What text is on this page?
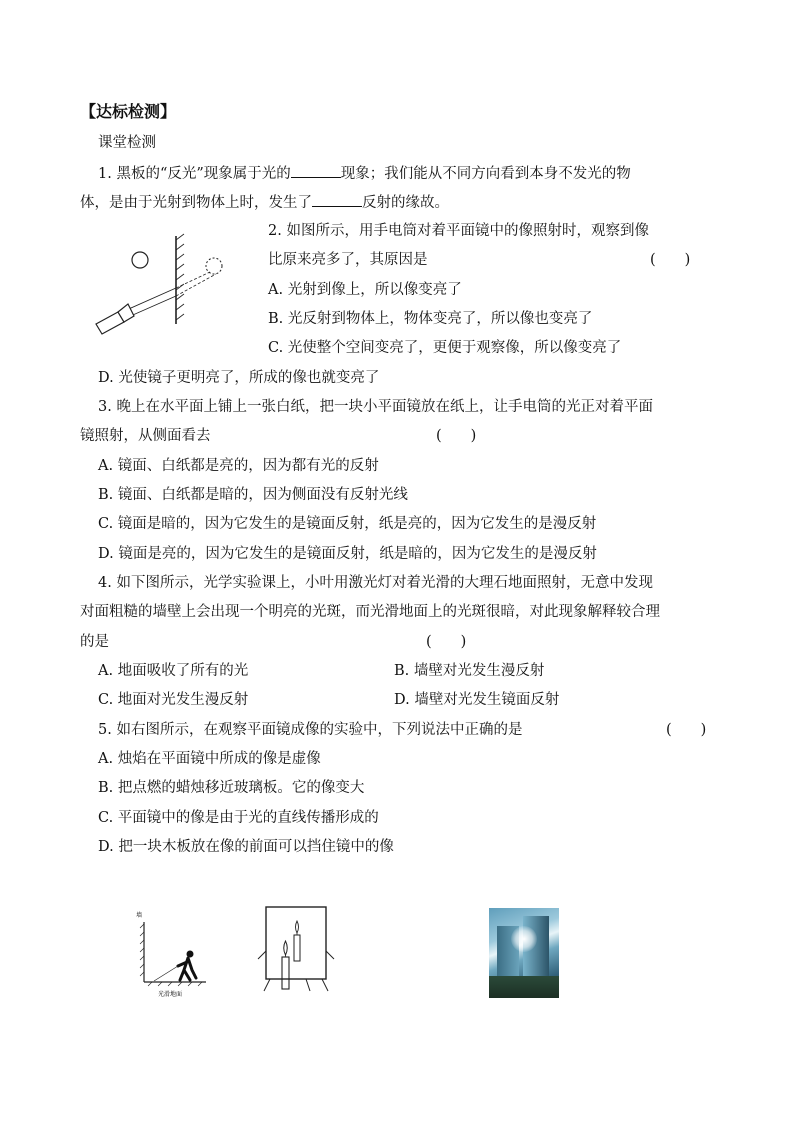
【达标检测】
课堂检测
1. 黑板的“反光”现象属于光的	现象；我们能从不同方向看到本身不发光的物
体，是由于光射到物体上时，发生了	反射的缘故。
2. 如图所示，用手电筒对着平面镜中的像照射时，观察到像
比原来亮多了，其原因是	(　　)
A. 光射到像上，所以像变亮了
B. 光反射到物体上，物体变亮了，所以像也变亮了
C. 光使整个空间变亮了，更便于观察像，所以像变亮了
D. 光使镜子更明亮了，所成的像也就变亮了
3. 晚上在水平面上铺上一张白纸，把一块小平面镜放在纸上，让手电筒的光正对着平面
镜照射，从侧面看去	(　　)
A. 镜面、白纸都是亮的，因为都有光的反射
B. 镜面、白纸都是暗的，因为侧面没有反射光线
C. 镜面是暗的，因为它发生的是镜面反射，纸是亮的，因为它发生的是漫反射
D. 镜面是亮的，因为它发生的是镜面反射，纸是暗的，因为它发生的是漫反射
4. 如下图所示，光学实验课上，小叶用激光灯对着光滑的大理石地面照射，无意中发现
对面粗糙的墙壁上会出现一个明亮的光斑，而光滑地面上的光斑很暗，对此现象解释较合理
的是	(　　)
A. 地面吸收了所有的光	B. 墙壁对光发生漫反射
C. 地面对光发生漫反射	D. 墙壁对光发生镜面反射
5. 如右图所示，在观察平面镜成像的实验中，下列说法中正确的是	(　　)
A. 烛焰在平面镜中所成的像是虚像
B. 把点燃的蜡烛移近玻璃板。它的像变大
C. 平面镜中的像是由于光的直线传播形成的
D. 把一块木板放在像的前面可以挡住镜中的像
墙
光滑地面
